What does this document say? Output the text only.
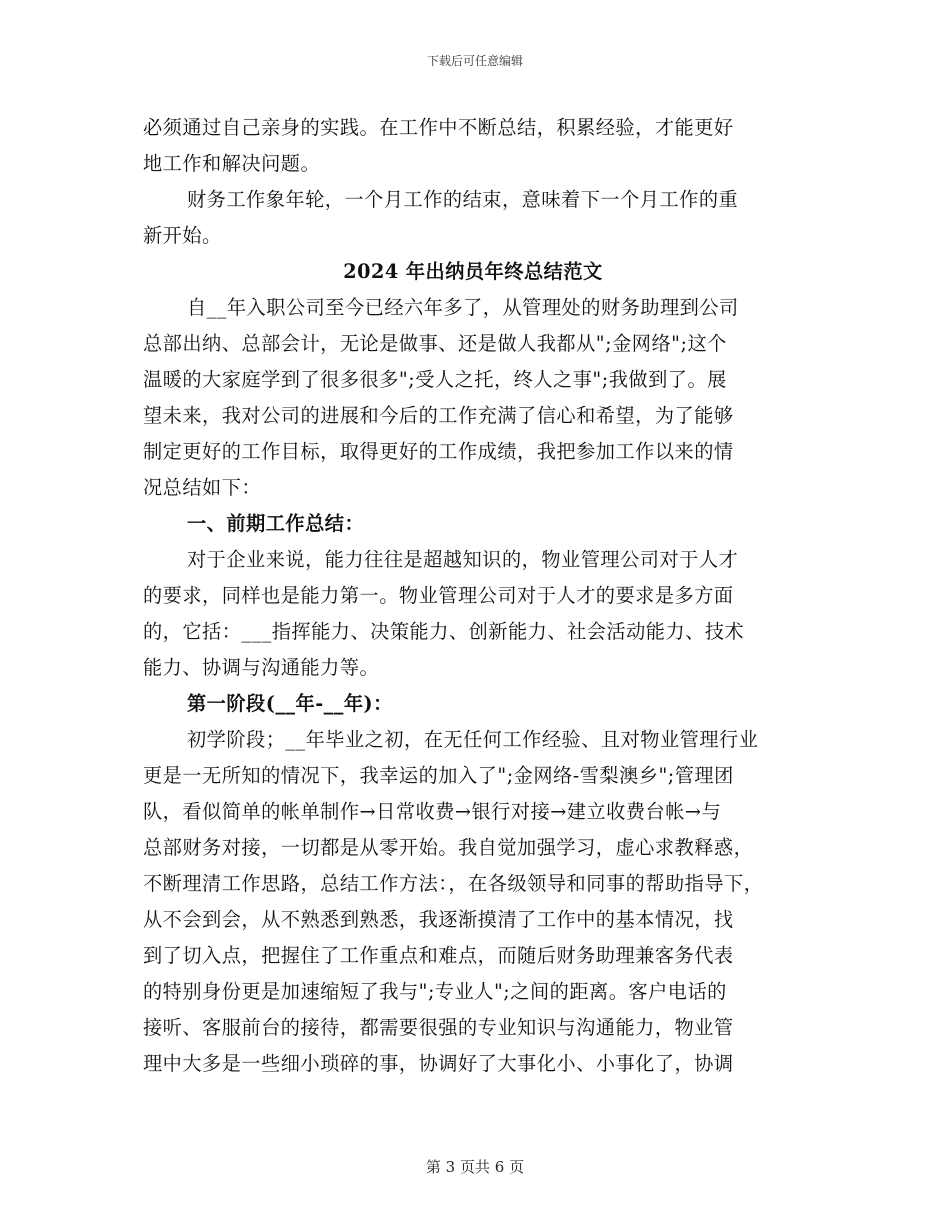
下载后可任意编辑
必须通过自己亲身的实践。在工作中不断总结，积累经验，才能更好
地工作和解决问题。
财务工作象年轮，一个月工作的结束，意味着下一个月工作的重
新开始。
2024 年出纳员年终总结范文
自__年入职公司至今已经六年多了，从管理处的财务助理到公司
总部出纳、总部会计，无论是做事、还是做人我都从";金网络";这个
温暖的大家庭学到了很多很多";受人之托，终人之事";我做到了。展
望未来，我对公司的进展和今后的工作充满了信心和希望，为了能够
制定更好的工作目标，取得更好的工作成绩，我把参加工作以来的情
况总结如下：
一、前期工作总结：
对于企业来说，能力往往是超越知识的，物业管理公司对于人才
的要求，同样也是能力第一。物业管理公司对于人才的要求是多方面
的，它括：___指挥能力、决策能力、创新能力、社会活动能力、技术
能力、协调与沟通能力等。
第一阶段(__年-__年)：
初学阶段；__年毕业之初，在无任何工作经验、且对物业管理行业
更是一无所知的情况下，我幸运的加入了";金网络-雪梨澳乡";管理团
队，看似简单的帐单制作→日常收费→银行对接→建立收费台帐→与
总部财务对接，一切都是从零开始。我自觉加强学习，虚心求教释惑，
不断理清工作思路，总结工作方法：，在各级领导和同事的帮助指导下，
从不会到会，从不熟悉到熟悉，我逐渐摸清了工作中的基本情况，找
到了切入点，把握住了工作重点和难点，而随后财务助理兼客务代表
的特别身份更是加速缩短了我与";专业人";之间的距离。客户电话的
接听、客服前台的接待，都需要很强的专业知识与沟通能力，物业管
理中大多是一些细小琐碎的事，协调好了大事化小、小事化了，协调
第 3 页共 6 页
